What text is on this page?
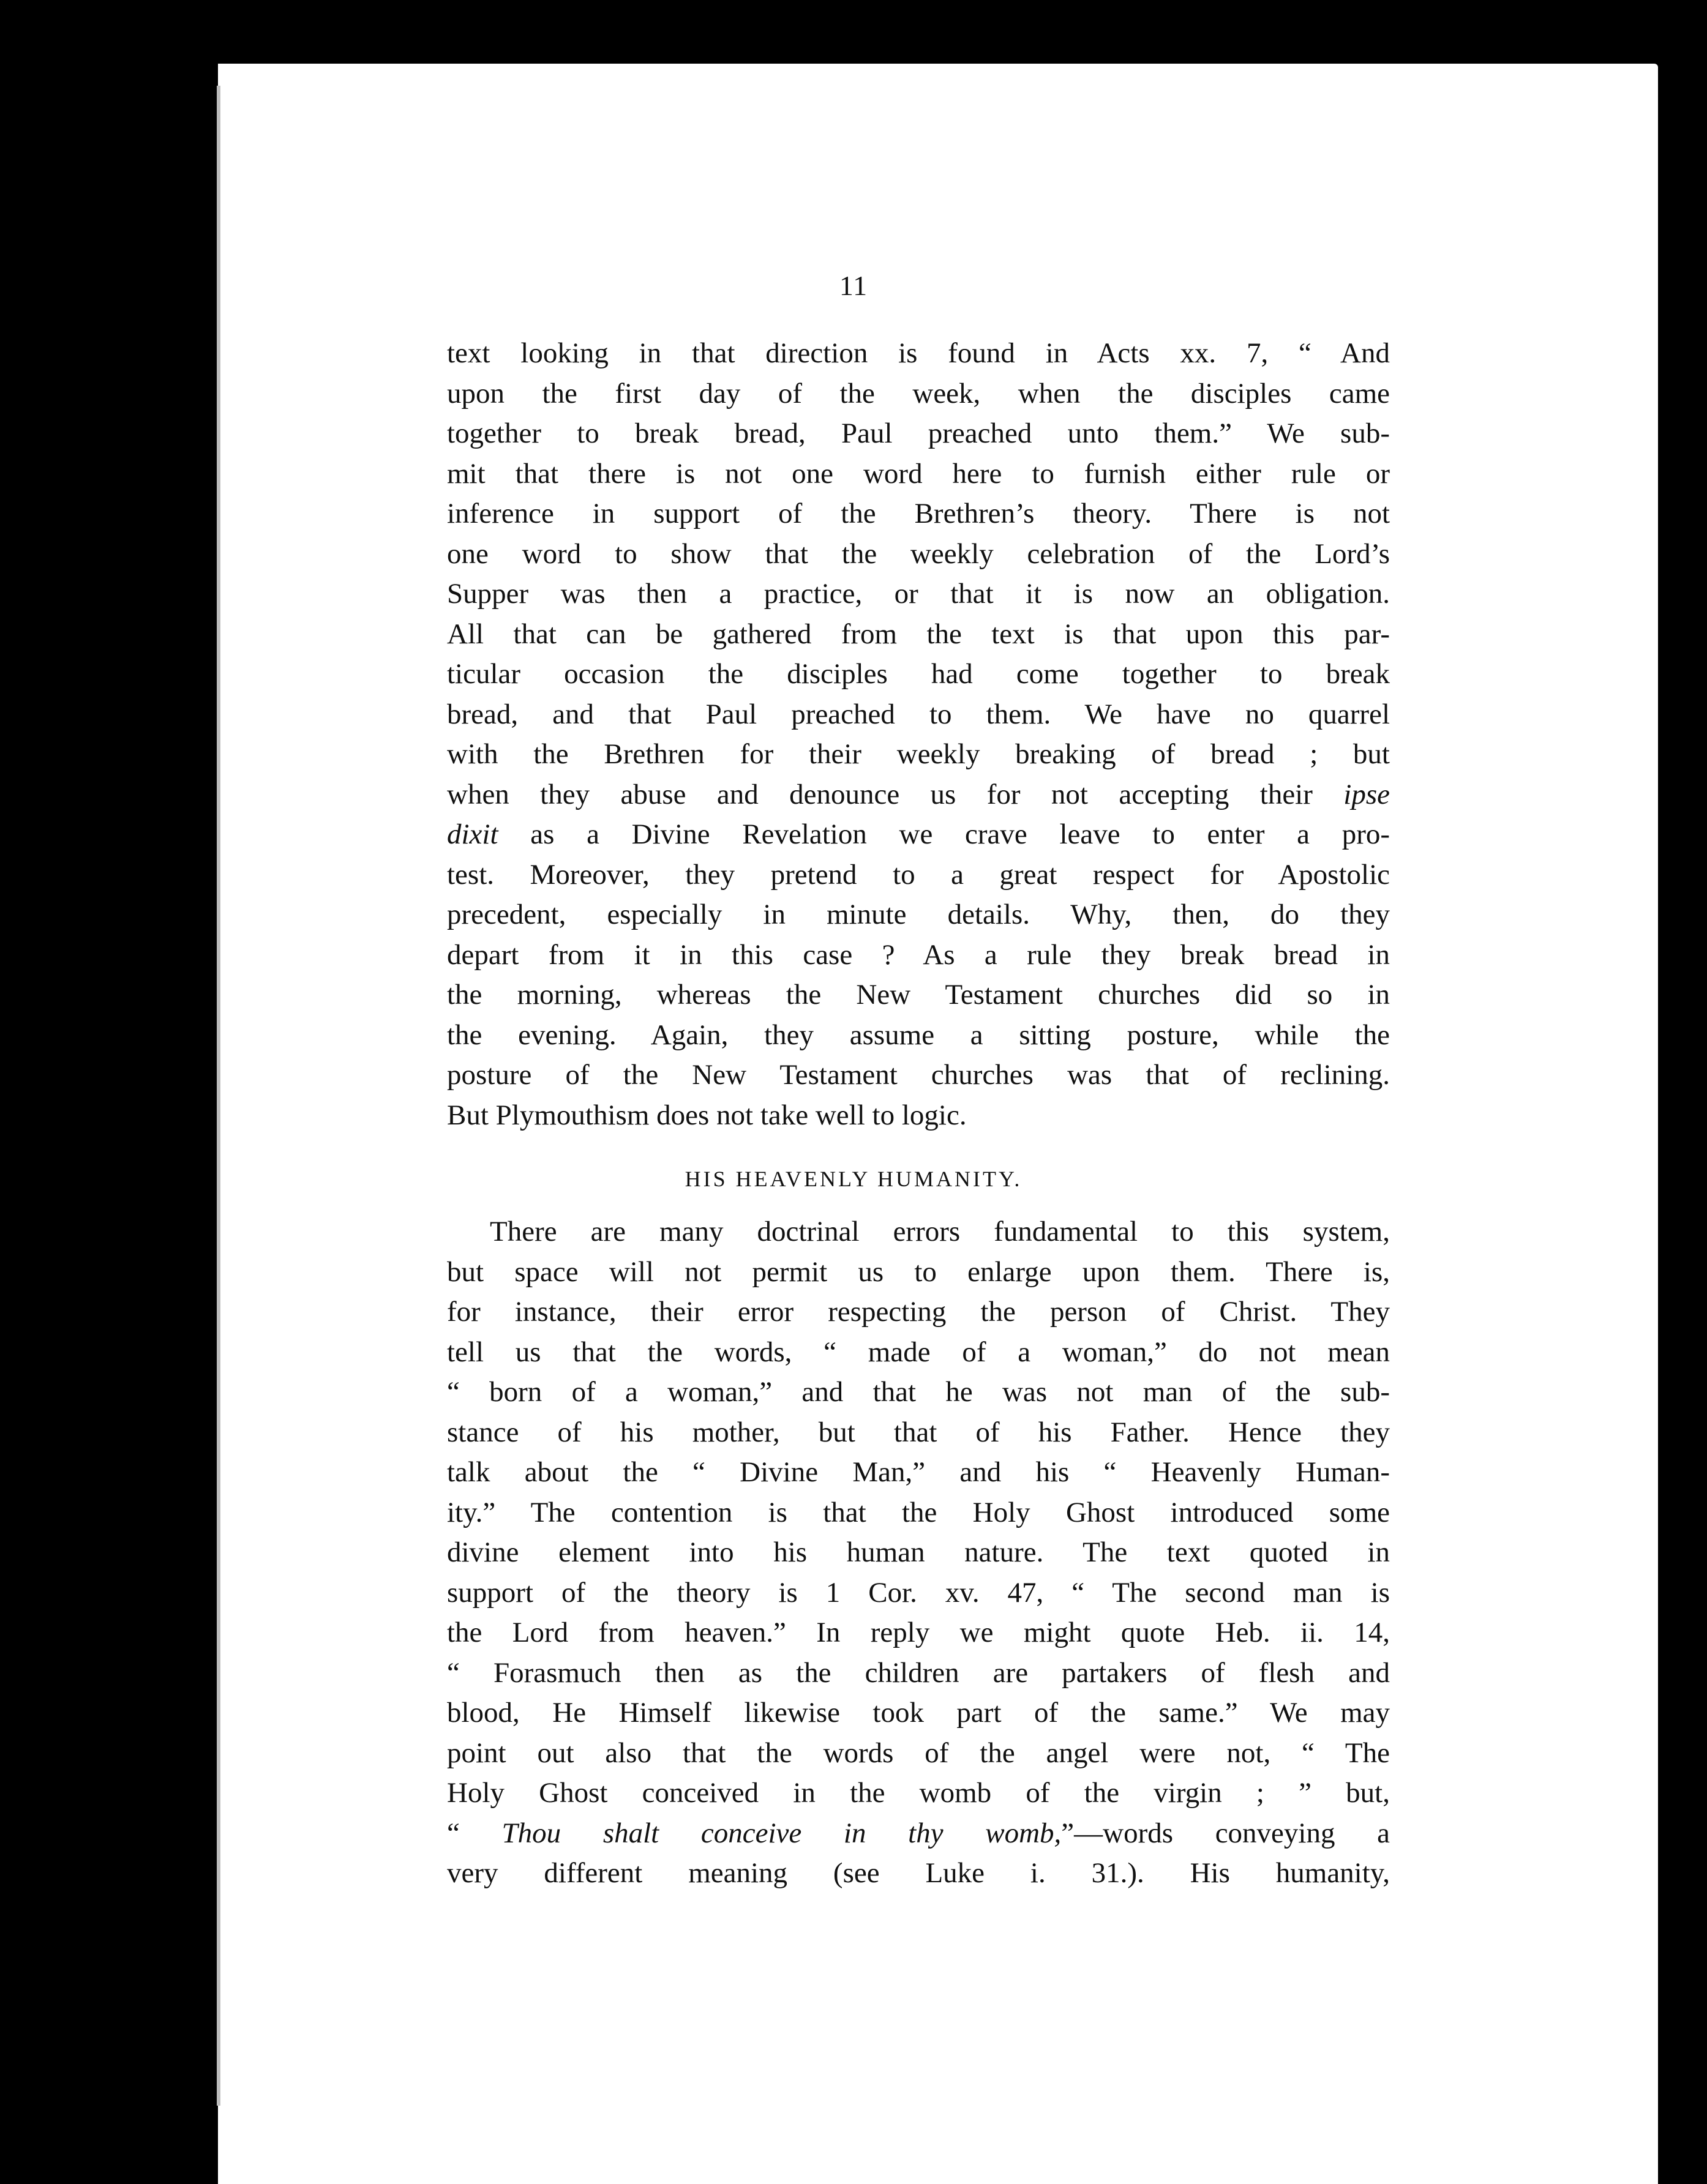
11
text looking in that direction is found in Acts xx. 7, “ And
upon the first day of the week, when the disciples came
together to break bread, Paul preached unto them.” We sub-
mit that there is not one word here to furnish either rule or
inference in support of the Brethren’s theory. There is not
one word to show that the weekly celebration of the Lord’s
Supper was then a practice, or that it is now an obligation.
All that can be gathered from the text is that upon this par-
ticular occasion the disciples had come together to break
bread, and that Paul preached to them. We have no quarrel
with the Brethren for their weekly breaking of bread ; but
when they abuse and denounce us for not accepting their ipse
dixit as a Divine Revelation we crave leave to enter a pro-
test. Moreover, they pretend to a great respect for Apostolic
precedent, especially in minute details. Why, then, do they
depart from it in this case ? As a rule they break bread in
the morning, whereas the New Testament churches did so in
the evening. Again, they assume a sitting posture, while the
posture of the New Testament churches was that of reclining.
But Plymouthism does not take well to logic.
HIS HEAVENLY HUMANITY.
There are many doctrinal errors fundamental to this system,
but space will not permit us to enlarge upon them. There is,
for instance, their error respecting the person of Christ. They
tell us that the words, “ made of a woman,” do not mean
“ born of a woman,” and that he was not man of the sub-
stance of his mother, but that of his Father. Hence they
talk about the “ Divine Man,” and his “ Heavenly Human-
ity.” The contention is that the Holy Ghost introduced some
divine element into his human nature. The text quoted in
support of the theory is 1 Cor. xv. 47, “ The second man is
the Lord from heaven.” In reply we might quote Heb. ii. 14,
“ Forasmuch then as the children are partakers of flesh and
blood, He Himself likewise took part of the same.” We may
point out also that the words of the angel were not, “ The
Holy Ghost conceived in the womb of the virgin ; ” but,
“ Thou shalt conceive in thy womb,”—words conveying a
very different meaning (see Luke i. 31.). His humanity,
